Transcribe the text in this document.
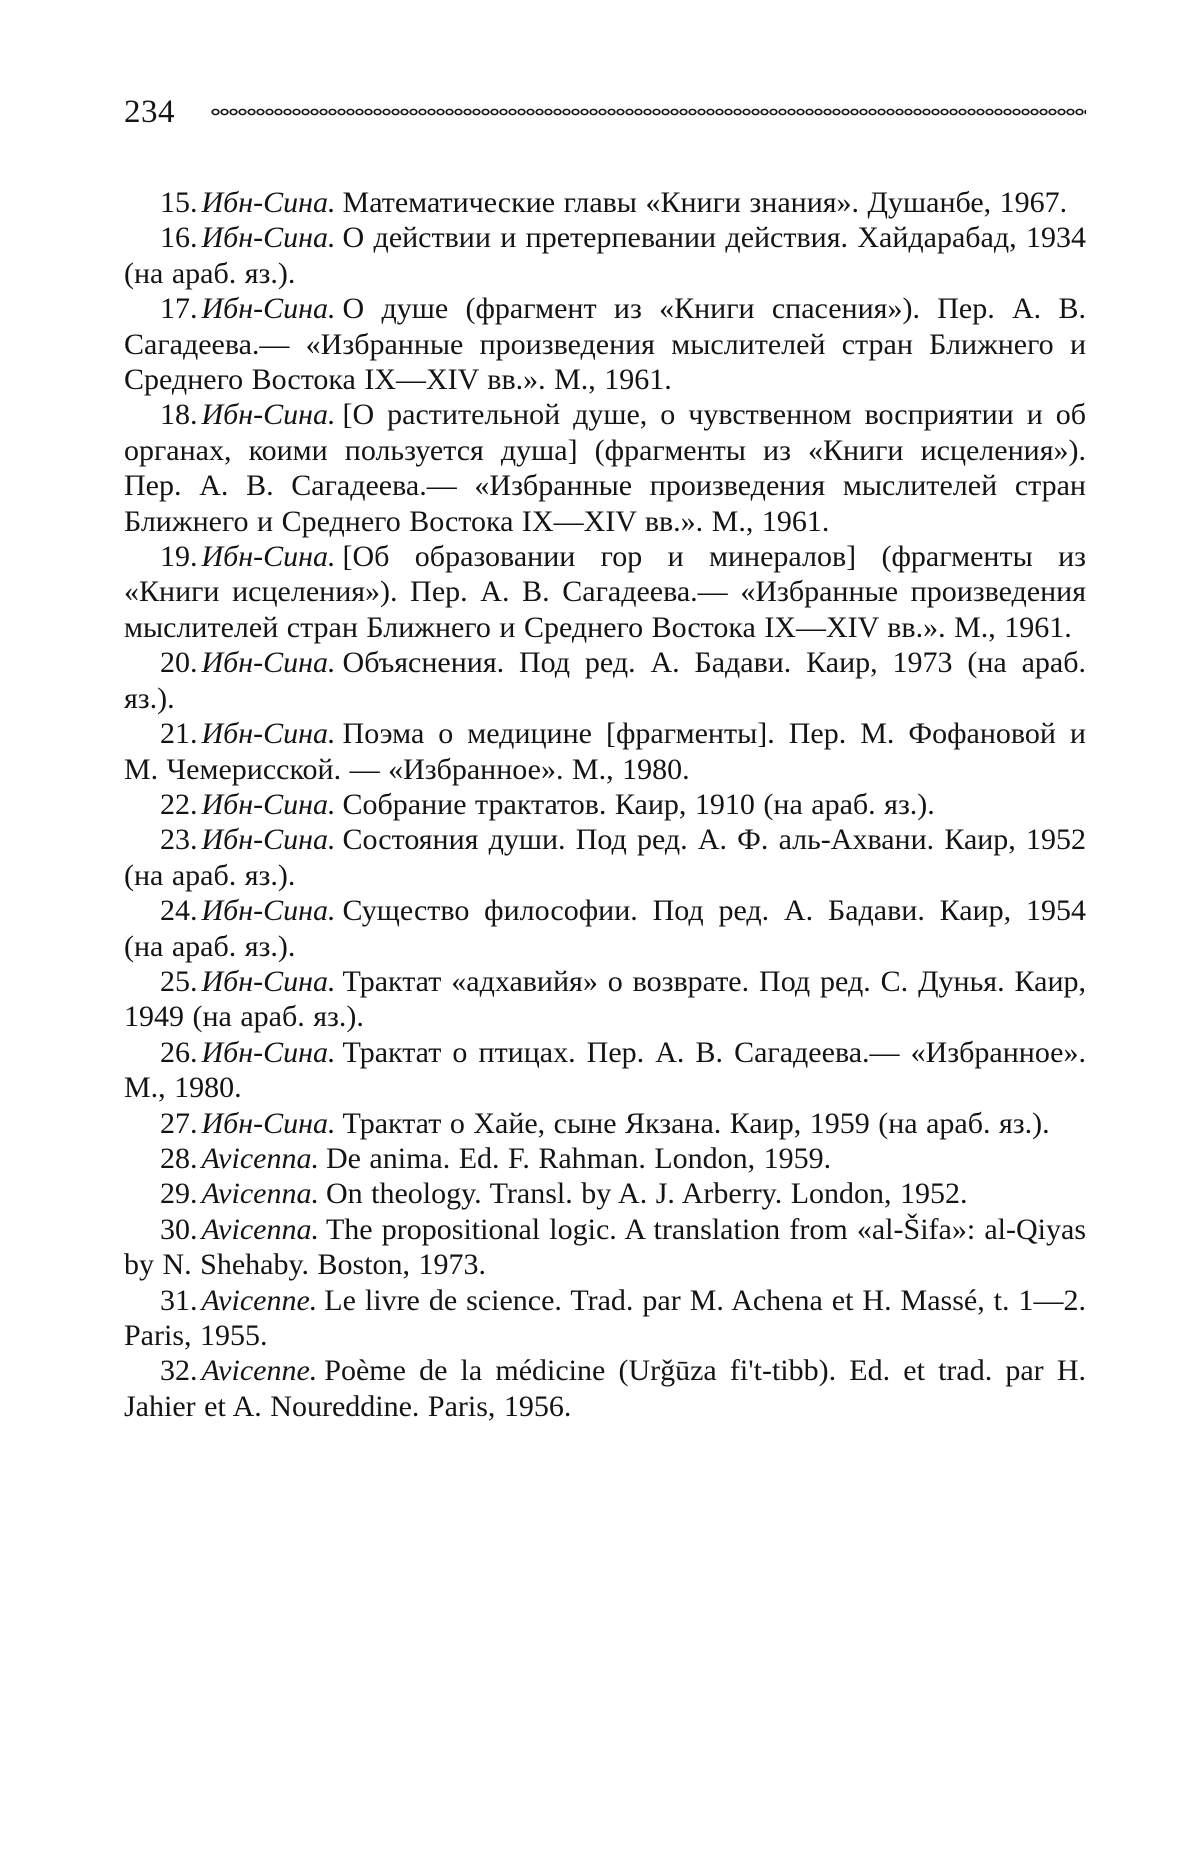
234

15. Ибн-Сина. Математические главы «Книги знания». Душанбе, 1967.

16. Ибн-Сина. О действии и претерпевании действия. Хайдарабад, 1934 (на араб. яз.).

17. Ибн-Сина. О душе (фрагмент из «Книги спасения»). Пер. А. В. Сагадеева.— «Избранные произведения мыслителей стран Ближнего и Среднего Востока IX—XIV вв.». М., 1961.

18. Ибн-Сина. [О растительной душе, о чувственном восприятии и об органах, коими пользуется душа] (фрагменты из «Книги исцеления»). Пер. А. В. Сагадеева.— «Избранные произведения мыслителей стран Ближнего и Среднего Востока IX—XIV вв.». М., 1961.

19. Ибн-Сина. [Об образовании гор и минералов] (фрагменты из «Книги исцеления»). Пер. А. В. Сагадеева.— «Избранные произведения мыслителей стран Ближнего и Среднего Востока IX—XIV вв.». М., 1961.

20. Ибн-Сина. Объяснения. Под ред. А. Бадави. Каир, 1973 (на араб. яз.).

21. Ибн-Сина. Поэма о медицине [фрагменты]. Пер. М. Фофановой и М. Чемерисской. — «Избранное». М., 1980.

22. Ибн-Сина. Собрание трактатов. Каир, 1910 (на араб. яз.).

23. Ибн-Сина. Состояния души. Под ред. А. Ф. аль-Ахвани. Каир, 1952 (на араб. яз.).

24. Ибн-Сина. Существо философии. Под ред. А. Бадави. Каир, 1954 (на араб. яз.).

25. Ибн-Сина. Трактат «адхавийя» о возврате. Под ред. С. Дунья. Каир, 1949 (на араб. яз.).

26. Ибн-Сина. Трактат о птицах. Пер. А. В. Сагадеева.— «Избранное». М., 1980.

27. Ибн-Сина. Трактат о Хайе, сыне Якзана. Каир, 1959 (на араб. яз.).

28. Avicenna. De anima. Ed. F. Rahman. London, 1959.

29. Avicenna. On theology. Transl. by A. J. Arberry. London, 1952.

30. Avicenna. The propositional logic. A translation from «al-Šifa»: al-Qiyas by N. Shehaby. Boston, 1973.

31. Avicenne. Le livre de science. Trad. par M. Achena et H. Massé, t. 1—2. Paris, 1955.

32. Avicenne. Poème de la médicine (Urǧūza fi't-tibb). Ed. et trad. par H. Jahier et A. Noureddine. Paris, 1956.
